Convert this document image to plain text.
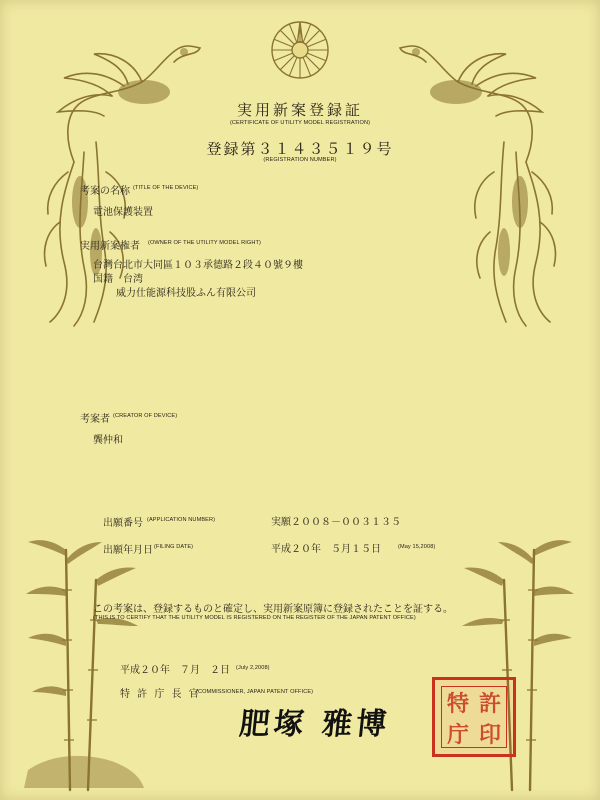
実用新案登録証
(CERTIFICATE OF UTILITY MODEL REGISTRATION)
登録第３１４３５１９号
(REGISTRATION NUMBER)
考案の名称 (TITLE OF THE DEVICE)
電池保護装置
実用新案権者 (OWNER OF THE UTILITY MODEL RIGHT)
台灣台北市大同區１０３承德路２段４０號９樓
国籍 台湾
威力仕能源科技股ふん有限公司
考案者 (CREATOR OF DEVICE)
龔仲和
出願番号 (APPLICATION NUMBER)	実願２００８－００３１３５
出願年月日 (FILING DATE)	平成２０年　５月１５日	(May 15,2008)
この考案は、登録するものと確定し、実用新案原簿に登録されたことを証する。
(THIS IS TO CERTIFY THAT THE UTILITY MODEL IS REGISTERED ON THE REGISTER OF THE JAPAN PATENT OFFICE)
平成２０年　７月　２日 (July 2,2008)
特 許 庁 長 官
(COMMISSIONER, JAPAN PATENT OFFICE)
肥塚 雅博
特 許
庁 印
